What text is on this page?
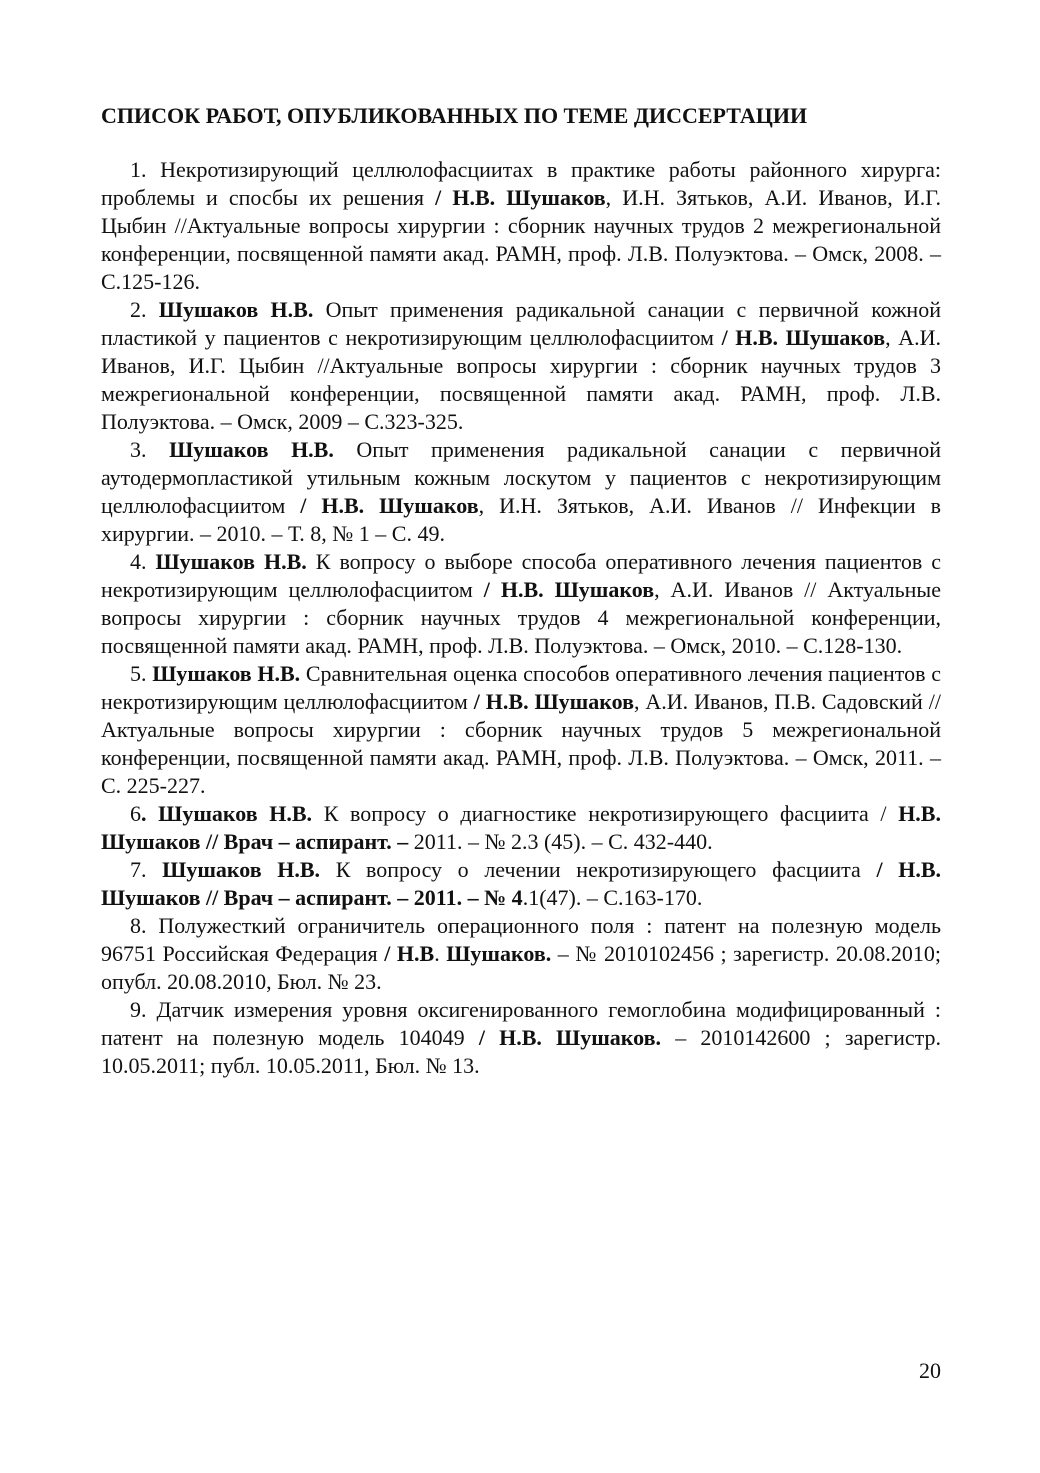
СПИСОК РАБОТ, ОПУБЛИКОВАННЫХ ПО ТЕМЕ ДИССЕРТАЦИИ

1. Некротизирующий целлюлофасциитах в практике работы районного хирурга: проблемы и спосбы их решения / Н.В. Шушаков, И.Н. Зятьков, А.И. Иванов, И.Г. Цыбин //Актуальные вопросы хирургии : сборник научных трудов 2 межрегиональной конференции, посвященной памяти акад. РАМН, проф. Л.В. Полуэктова. – Омск, 2008. – С.125-126.

2. Шушаков Н.В. Опыт применения радикальной санации с первичной кожной пластикой у пациентов с некротизирующим целлюлофасциитом / Н.В. Шушаков, А.И. Иванов, И.Г. Цыбин //Актуальные вопросы хирургии : сборник научных трудов 3 межрегиональной конференции, посвященной памяти акад. РАМН, проф. Л.В. Полуэктова. – Омск, 2009 – С.323-325.

3. Шушаков Н.В. Опыт применения радикальной санации с первичной аутодермопластикой утильным кожным лоскутом у пациентов с некротизирующим целлюлофасциитом / Н.В. Шушаков, И.Н. Зятьков, А.И. Иванов // Инфекции в хирургии. – 2010. – Т. 8, № 1 – С. 49.

4. Шушаков Н.В. К вопросу о выборе способа оперативного лечения пациентов с некротизирующим целлюлофасциитом / Н.В. Шушаков, А.И. Иванов // Актуальные вопросы хирургии : сборник научных трудов 4 межрегиональной конференции, посвященной памяти акад. РАМН, проф. Л.В. Полуэктова. – Омск, 2010. – С.128-130.

5. Шушаков Н.В. Сравнительная оценка способов оперативного лечения пациентов с некротизирующим целлюлофасциитом / Н.В. Шушаков, А.И. Иванов, П.В. Садовский // Актуальные вопросы хирургии : сборник научных трудов 5 межрегиональной конференции, посвященной памяти акад. РАМН, проф. Л.В. Полуэктова. – Омск, 2011. – С. 225-227.

6. Шушаков Н.В. К вопросу о диагностике некротизирующего фасциита / Н.В. Шушаков // Врач – аспирант. – 2011. – № 2.3 (45). – С. 432-440.

7. Шушаков Н.В. К вопросу о лечении некротизирующего фасциита / Н.В. Шушаков // Врач – аспирант. – 2011. – № 4.1(47). – С.163-170.

8. Полужесткий ограничитель операционного поля : патент на полезную модель 96751 Российская Федерация / Н.В. Шушаков. – № 2010102456 ; зарегистр. 20.08.2010; опубл. 20.08.2010, Бюл. № 23.

9. Датчик измерения уровня оксигенированного гемоглобина модифицированный : патент на полезную модель 104049 / Н.В. Шушаков. – 2010142600 ; зарегистр. 10.05.2011; публ. 10.05.2011, Бюл. № 13.

20
